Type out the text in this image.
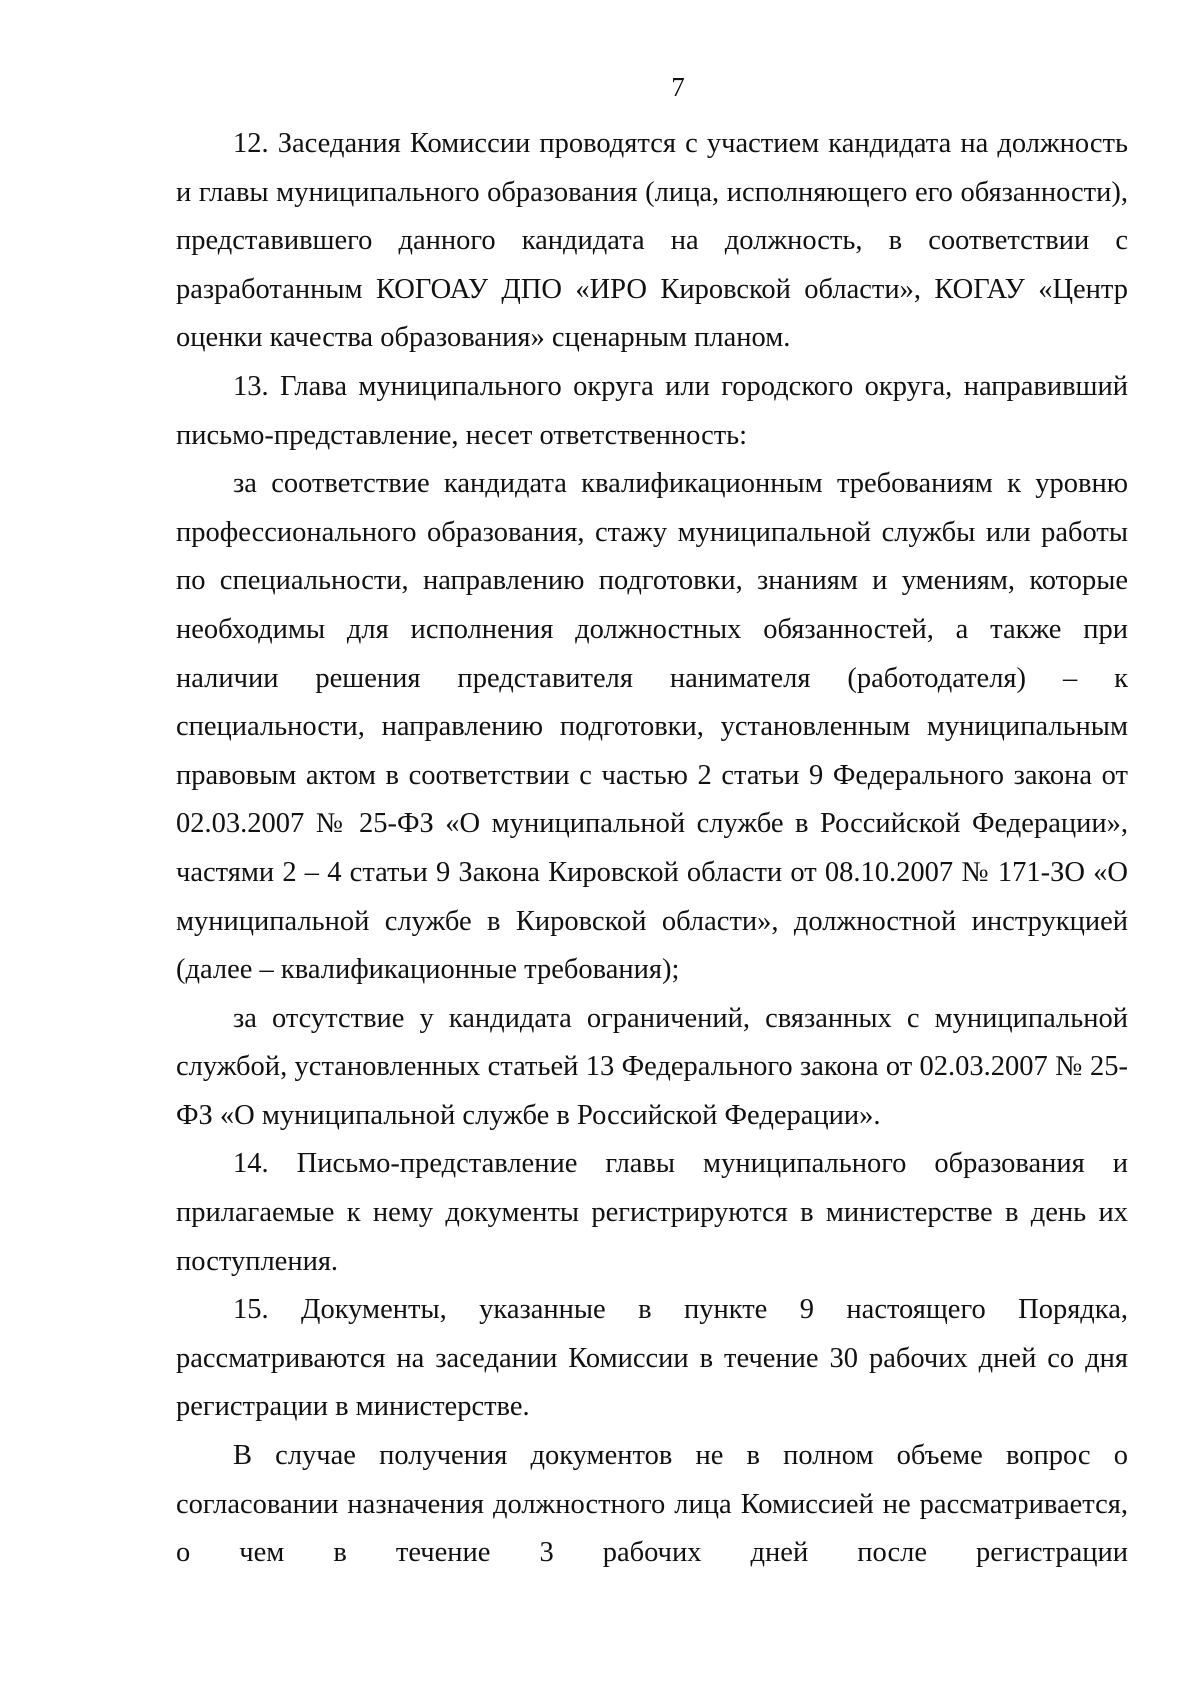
7

12. Заседания Комиссии проводятся с участием кандидата на должность и главы муниципального образования (лица, исполняющего его обязанности), представившего данного кандидата на должность, в соответствии с разработанным КОГОАУ ДПО «ИРО Кировской области», КОГАУ «Центр оценки качества образования» сценарным планом.

13. Глава муниципального округа или городского округа, направивший письмо-представление, несет ответственность:

за соответствие кандидата квалификационным требованиям к уровню профессионального образования, стажу муниципальной службы или работы по специальности, направлению подготовки, знаниям и умениям, которые необходимы для исполнения должностных обязанностей, а также при наличии решения представителя нанимателя (работодателя) – к специальности, направлению подготовки, установленным муниципальным правовым актом в соответствии с частью 2 статьи 9 Федерального закона от 02.03.2007 № 25-ФЗ «О муниципальной службе в Российской Федерации», частями 2 – 4 статьи 9 Закона Кировской области от 08.10.2007 № 171-ЗО «О муниципальной службе в Кировской области», должностной инструкцией (далее – квалификационные требования);

за отсутствие у кандидата ограничений, связанных с муниципальной службой, установленных статьей 13 Федерального закона от 02.03.2007 № 25-ФЗ «О муниципальной службе в Российской Федерации».

14. Письмо-представление главы муниципального образования и прилагаемые к нему документы регистрируются в министерстве в день их поступления.

15. Документы, указанные в пункте 9 настоящего Порядка, рассматриваются на заседании Комиссии в течение 30 рабочих дней со дня регистрации в министерстве.

В случае получения документов не в полном объеме вопрос о согласовании назначения должностного лица Комиссией не рассматривается, о чем в течение 3 рабочих дней после регистрации
